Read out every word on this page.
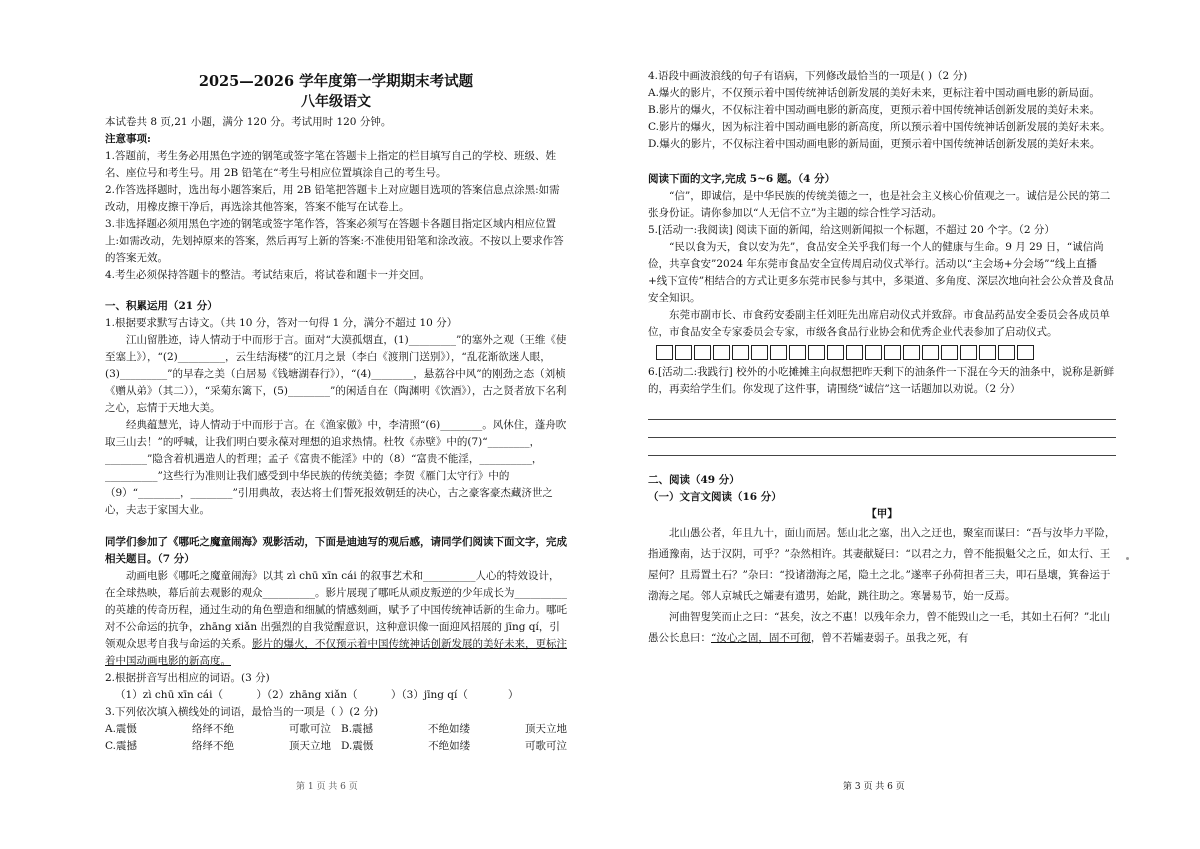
2025—2026 学年度第一学期期末考试题
八年级语文

本试卷共 8 页,21 小题，满分 120 分。考试用时 120 分钟。

注意事项:

1.答题前，考生务必用黑色字迹的钢笔或签字笔在答题卡上指定的栏目填写自己的学校、班级、姓名、座位号和考生号。用 2B 铅笔在“考生号相应位置填涂自己的考生号。

2.作答选择题时，选出每小题答案后，用 2B 铅笔把答题卡上对应题目选项的答案信息点涂黑:如需改动，用橡皮擦干净后，再选涂其他答案，答案不能写在试卷上。

3.非选择题必须用黑色字迹的钢笔或签字笔作答，答案必须写在答题卡各题目指定区域内相应位置上:如需改动，先划掉原来的答案，然后再写上新的答案:不准使用铅笔和涂改液。不按以上要求作答的答案无效。

4.考生必须保持答题卡的整洁。考试结束后，将试卷和题卡一并交回。

一、积累运用（21 分）

1.根据要求默写古诗文。（共 10 分，答对一句得 1 分，满分不超过 10 分）

江山留胜迹，诗人情动于中而形于言。面对“大漠孤烟直，(1)_________”的塞外之观（王维《使至塞上》），“(2)_________，云生结海楼”的江月之景（李白《渡荆门送别》），“乱花渐欲迷人眼，(3)_________”的早春之美（白居易《钱塘湖春行》），“(4)________，悬荔谷中风”的刚劲之态（刘桢《赠从弟》（其二）），“采菊东篱下，(5)________”的闲适自在（陶渊明《饮酒》），古之贤者放下名利之心，忘情于天地大美。

经典蕴慧光，诗人情动于中而形于言。在《渔家傲》中，李清照“(6)________。风休住，蓬舟吹取三山去！”的呼喊，让我们明白要永葆对理想的追求热情。杜牧《赤壁》中的(7)“________，________”隐含着机遇造人的哲理；孟子《富贵不能淫》中的（8）“富贵不能淫，__________，__________”这些行为准则让我们感受到中华民族的传统美德；李贺《雁门太守行》中的（9）“________，________”引用典故，表达将士们誓死报效朝廷的决心，古之豪客豪杰藏济世之心，夫志于家国大业。

同学们参加了《哪吒之魔童闹海》观影活动，下面是迪迪写的观后感，请同学们阅读下面文字，完成相关题目。（7 分）

动画电影《哪吒之魔童闹海》以其 zì chū xīn cái 的叙事艺术和__________人心的特效设计，在全球热映，幕后前去观影的观众__________。影片展现了哪吒从顽皮叛逆的少年成长为__________的英雄的传奇历程，通过生动的角色塑造和细腻的情感刻画，赋予了中国传统神话新的生命力。哪吒对不公命运的抗争，zhāng xiǎn 出强烈的自我觉醒意识，这种意识像一面迎风招展的 jīng qí，引领观众思考自我与命运的关系。影片的爆火，不仅预示着中国传统神话创新发展的美好未来，更标注着中国动画电影的新高度。

2.根据拼音写出相应的词语。(3 分)

（1）zì chū xīn cái（	）（2）zhāng xiǎn（	）（3）jīng qí（	）

3.下列依次填入横线处的词语，最恰当的一项是（ ）(2 分)

A.震慑	络绎不绝	可歌可泣 B.震撼	不绝如缕	顶天立地
C.震撼	络绎不绝	顶天立地 D.震慑	不绝如缕	可歌可泣
第 1 页 共 6 页

4.语段中画波浪线的句子有语病，下列修改最恰当的一项是( )（2 分)

A.爆火的影片，不仅预示着中国传统神话创新发展的美好未来，更标注着中国动画电影的新局面。

B.影片的爆火，不仅标注着中国动画电影的新高度，更预示着中国传统神话创新发展的美好未来。

C.影片的爆火，因为标注着中国动画电影的新高度，所以预示着中国传统神话创新发展的美好未来。

D.爆火的影片，不仅标注着中国动画电影的新局面，更预示着中国传统神话创新发展的美好未来。

阅读下面的文字,完成 5~6 题。（4 分）

“信”，即诚信，是中华民族的传统美德之一，也是社会主义核心价值观之一。诚信是公民的第二张身份证。请你参加以“人无信不立”为主题的综合性学习活动。

5.[活动一:我阅读] 阅读下面的新闻，给这则新闻拟一个标题，不超过 20 个字。（2 分）

“民以食为天，食以安为先”，食品安全关乎我们每一个人的健康与生命。9 月 29 日，“诚信尚俭，共享食安”2024 年东莞市食品安全宣传周启动仪式举行。活动以“主会场+分会场”“线上直播+线下宣传”相结合的方式让更多东莞市民参与其中，多渠道、多角度、深层次地向社会公众普及食品安全知识。

东莞市副市长、市食药安委副主任刘旺先出席启动仪式并致辞。市食品药品安全委员会各成员单位，市食品安全专家委员会专家，市级各食品行业协会和优秀企业代表参加了启动仪式。

6.[活动二:我践行] 校外的小吃摊摊主向叔想把昨天剩下的油条件一下混在今天的油条中，说称是新鲜的，再卖给学生们。你发现了这件事，请围绕“诚信”这一话题加以劝说。（2 分）

二、阅读（49 分）

（一）文言文阅读（16 分）

【甲】

北山愚公者，年且九十，面山而居。惩山北之塞，出入之迂也，聚室而谋曰：“吾与汝毕力平险，指通豫南，达于汉阴，可乎？”杂然相许。其妻献疑曰：“以君之力，曾不能损魁父之丘，如太行、王屋何？且焉置土石？”杂曰：“投诸渤海之尾，隐土之北。”遂率子孙荷担者三夫，叩石垦壤，箕畚运于渤海之尾。邻人京城氏之孀妻有遗男，始龀，跳往助之。寒暑易节，始一反焉。

河曲智叟笑而止之曰：“甚矣，汝之不惠！以残年余力，曾不能毁山之一毛，其如土石何？”北山愚公长息曰：“汝心之固，固不可彻，曾不若孀妻弱子。虽我之死，有

第 3 页 共 6 页
